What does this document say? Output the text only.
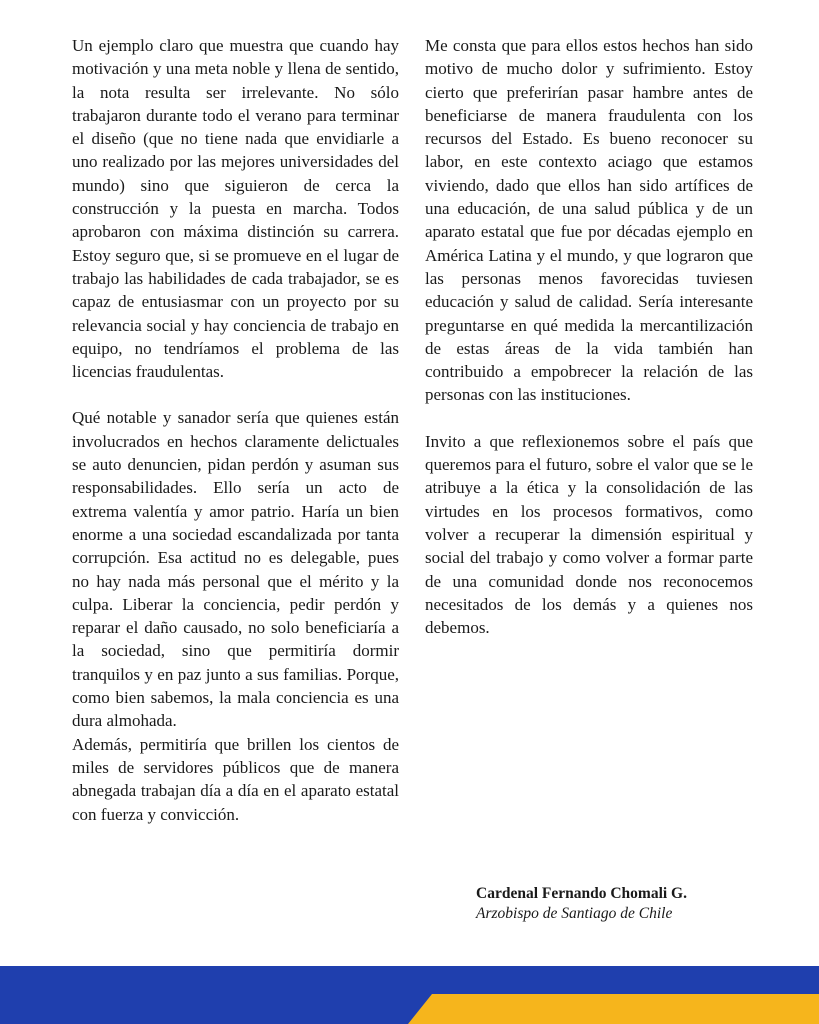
Un ejemplo claro que muestra que cuando hay motivación y una meta noble y llena de sentido, la nota resulta ser irrelevante. No sólo trabajaron durante todo el verano para terminar el diseño (que no tiene nada que envidiarle a uno realizado por las mejores universidades del mundo) sino que siguieron de cerca la construcción y la puesta en marcha. Todos aprobaron con máxima distinción su carrera. Estoy seguro que, si se promueve en el lugar de trabajo las habilidades de cada trabajador, se es capaz de entusiasmar con un proyecto por su relevancia social y hay conciencia de trabajo en equipo, no tendríamos el problema de las licencias fraudulentas.

Qué notable y sanador sería que quienes están involucrados en hechos claramente delictuales se auto denuncien, pidan perdón y asuman sus responsabilidades. Ello sería un acto de extrema valentía y amor patrio. Haría un bien enorme a una sociedad escandalizada por tanta corrupción. Esa actitud no es delegable, pues no hay nada más personal que el mérito y la culpa. Liberar la conciencia, pedir perdón y reparar el daño causado, no solo beneficiaría a la sociedad, sino que permitiría dormir tranquilos y en paz junto a sus familias. Porque, como bien sabemos, la mala conciencia es una dura almohada.

Además, permitiría que brillen los cientos de miles de servidores públicos que de manera abnegada trabajan día a día en el aparato estatal con fuerza y convicción.

Me consta que para ellos estos hechos han sido motivo de mucho dolor y sufrimiento. Estoy cierto que preferirían pasar hambre antes de beneficiarse de manera fraudulenta con los recursos del Estado. Es bueno reconocer su labor, en este contexto aciago que estamos viviendo, dado que ellos han sido artífices de una educación, de una salud pública y de un aparato estatal que fue por décadas ejemplo en América Latina y el mundo, y que lograron que las personas menos favorecidas tuviesen educación y salud de calidad. Sería interesante preguntarse en qué medida la mercantilización de estas áreas de la vida también han contribuido a empobrecer la relación de las personas con las instituciones.

Invito a que reflexionemos sobre el país que queremos para el futuro, sobre el valor que se le atribuye a la ética y la consolidación de las virtudes en los procesos formativos, como volver a recuperar la dimensión espiritual y social del trabajo y como volver a formar parte de una comunidad donde nos reconocemos necesitados de los demás y a quienes nos debemos.

Cardenal Fernando Chomali G.
Arzobispo de Santiago de Chile
